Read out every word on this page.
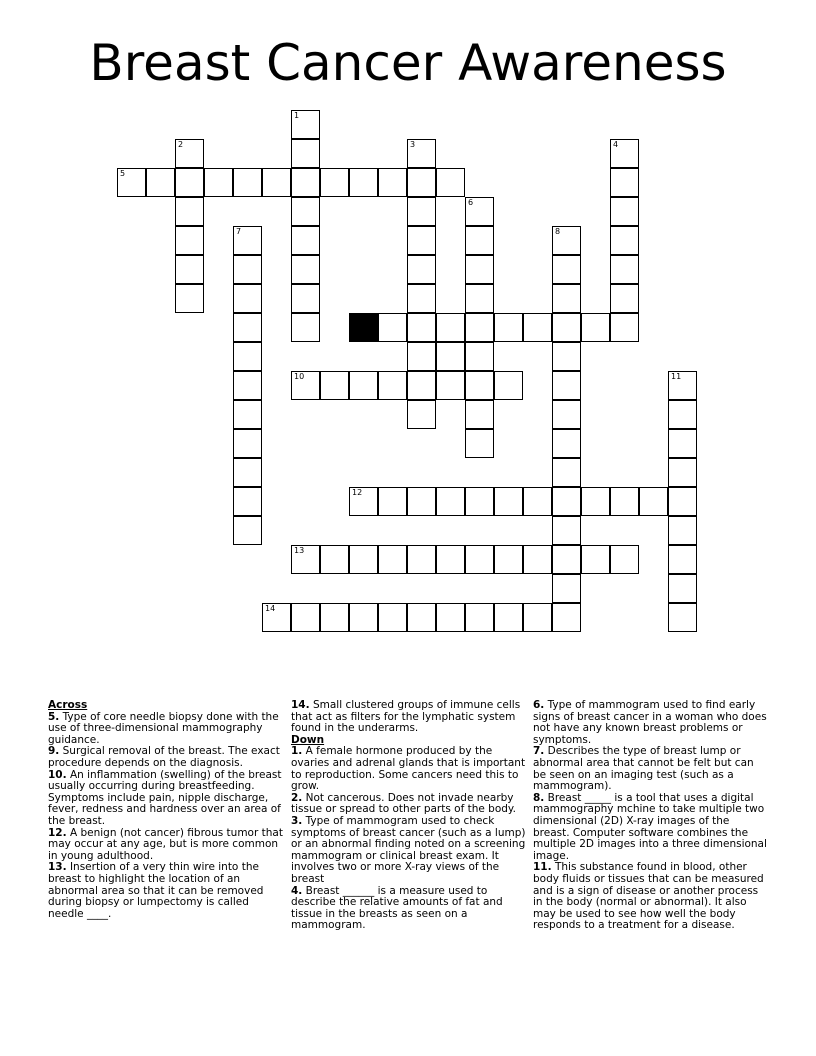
Breast Cancer Awareness
1
2	3	4
5
6
7	8
10	11
12
13
14
Across
5. Type of core needle biopsy done with the use of three-dimensional mammography guidance.
9. Surgical removal of the breast. The exact procedure depends on the diagnosis.
10. An inflammation (swelling) of the breast usually occurring during breastfeeding. Symptoms include pain, nipple discharge, fever, redness and hardness over an area of the breast.
12. A benign (not cancer) fibrous tumor that may occur at any age, but is more common in young adulthood.
13. Insertion of a very thin wire into the breast to highlight the location of an abnormal area so that it can be removed during biopsy or lumpectomy is called needle ____.
14. Small clustered groups of immune cells that act as filters for the lymphatic system found in the underarms.
Down
1. A female hormone produced by the ovaries and adrenal glands that is important to reproduction. Some cancers need this to grow.
2. Not cancerous. Does not invade nearby tissue or spread to other parts of the body.
3. Type of mammogram used to check symptoms of breast cancer (such as a lump) or an abnormal finding noted on a screening mammogram or clinical breast exam. It involves two or more X-ray views of the breast
4. Breast ______ is a measure used to describe the relative amounts of fat and tissue in the breasts as seen on a mammogram.
6. Type of mammogram used to find early signs of breast cancer in a woman who does not have any known breast problems or symptoms.
7. Describes the type of breast lump or abnormal area that cannot be felt but can be seen on an imaging test (such as a mammogram).
8. Breast _____ is a tool that uses a digital mammography mchine to take multiple two dimensional (2D) X-ray images of the breast. Computer software combines the multiple 2D images into a three dimensional image.
11. This substance found in blood, other body fluids or tissues that can be measured and is a sign of disease or another process in the body (normal or abnormal). It also may be used to see how well the body responds to a treatment for a disease.
